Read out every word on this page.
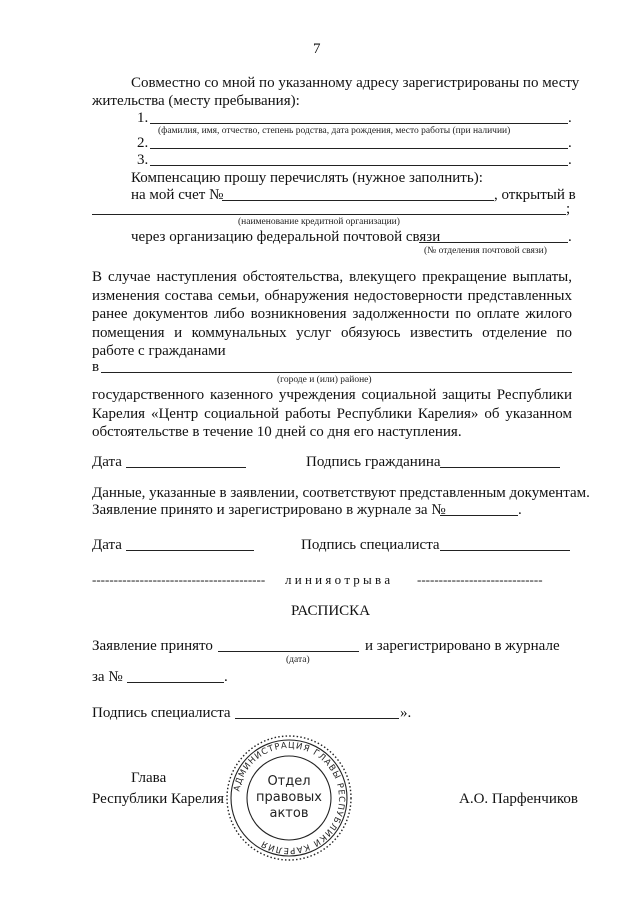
7
Совместно со мной по указанному адресу зарегистрированы по месту
жительства (месту пребывания):
1.	.
(фамилия, имя, отчество, степень родства, дата рождения, место работы (при наличии)
2.	.
3.	.
Компенсацию прошу перечислять (нужное заполнить):
на мой счет №	, открытый в
;
(наименование кредитной организации)
через организацию федеральной почтовой связи	.
(№ отделения почтовой связи)
В случае наступления обстоятельства, влекущего прекращение выплаты, изменения состава семьи, обнаружения недостоверности представленных ранее документов либо возникновения задолженности по оплате жилого помещения и коммунальных услуг обязуюсь известить отделение по работе с гражданами
в
(городе и (или) районе)
государственного казенного учреждения социальной защиты Республики Карелия «Центр социальной работы Республики Карелия» об указанном обстоятельстве в течение 10 дней со дня его наступления.
Дата	Подпись гражданина
Данные, указанные в заявлении, соответствуют представленным документам.
Заявление принято и зарегистрировано в журнале за №	.
Дата	Подпись специалиста
---------------------------------------- л и н и я о т р ы в а -----------------------------
РАСПИСКА
Заявление принято	и зарегистрировано в журнале
(дата)
за №	.
Подпись специалиста	».
Глава
Республики Карелия	А.О. Парфенчиков
АДМИНИСТРАЦИЯ ГЛАВЫ РЕСПУБЛИКИ КАРЕЛИЯ
Отдел
правовых
актов
